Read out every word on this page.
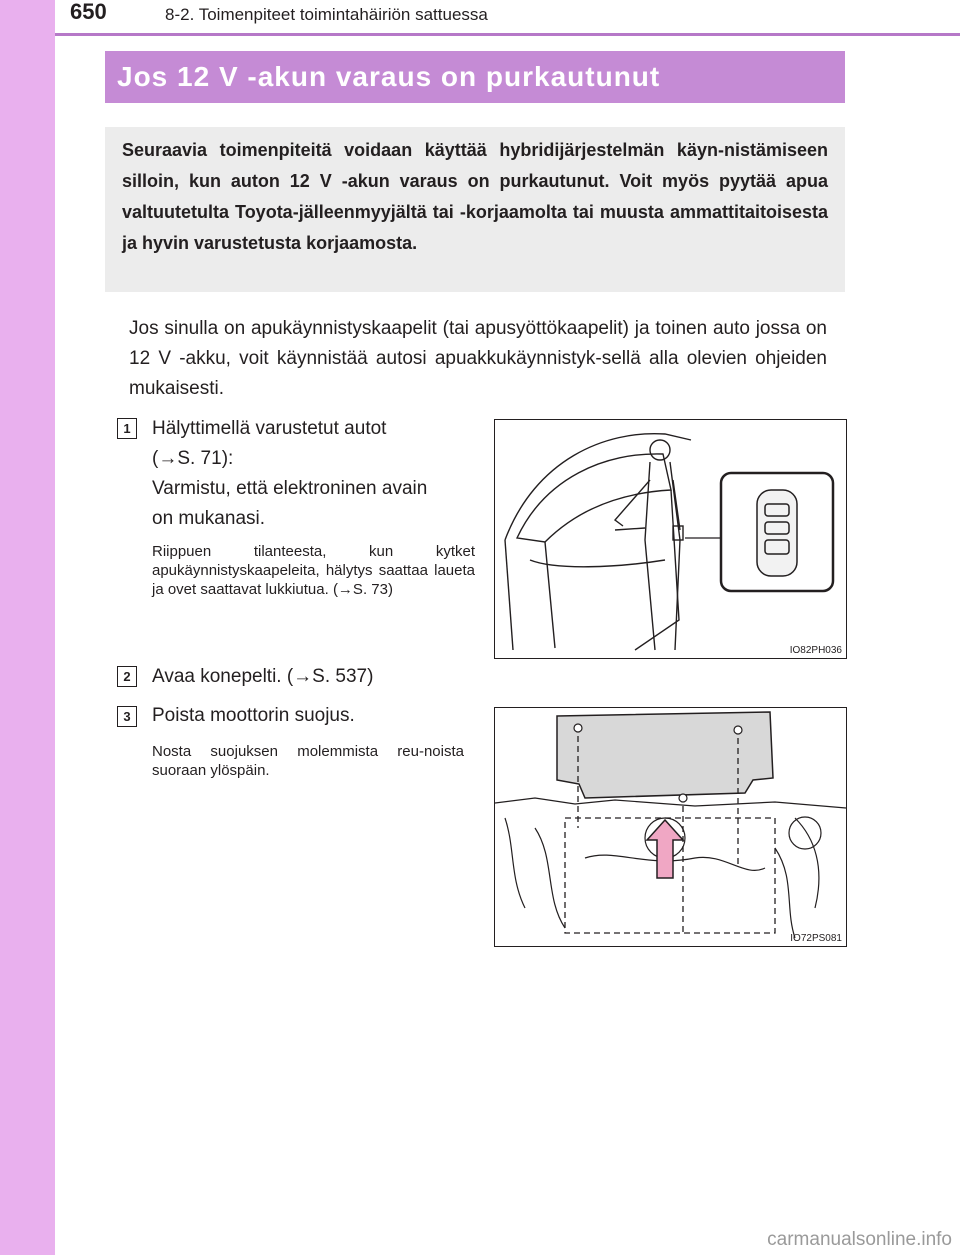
650	8-2. Toimenpiteet toimintahäiriön sattuessa
Jos 12 V -akun varaus on purkautunut
Seuraavia toimenpiteitä voidaan käyttää hybridijärjestelmän käyn-nistämiseen silloin, kun auton 12 V -akun varaus on purkautunut. Voit myös pyytää apua valtuutetulta Toyota-jälleenmyyjältä tai -korjaamolta tai muusta ammattitaitoisesta ja hyvin varustetusta korjaamosta.
Jos sinulla on apukäynnistyskaapelit (tai apusyöttökaapelit) ja toinen auto jossa on 12 V -akku, voit käynnistää autosi apuakkukäynnistyk-sellä alla olevien ohjeiden mukaisesti.
1	Hälyttimellä varustetut autot
(→S. 71):
Varmistu, että elektroninen avain
on mukanasi.
Riippuen tilanteesta, kun kytket apukäynnistyskaapeleita, hälytys saattaa laueta ja ovet saattavat lukkiutua. (→S. 73)
IO82PH036
2	Avaa konepelti. (→S. 537)
3	Poista moottorin suojus.
Nosta suojuksen molemmista reu-noista suoraan ylöspäin.
IO72PS081
carmanualsonline.info
